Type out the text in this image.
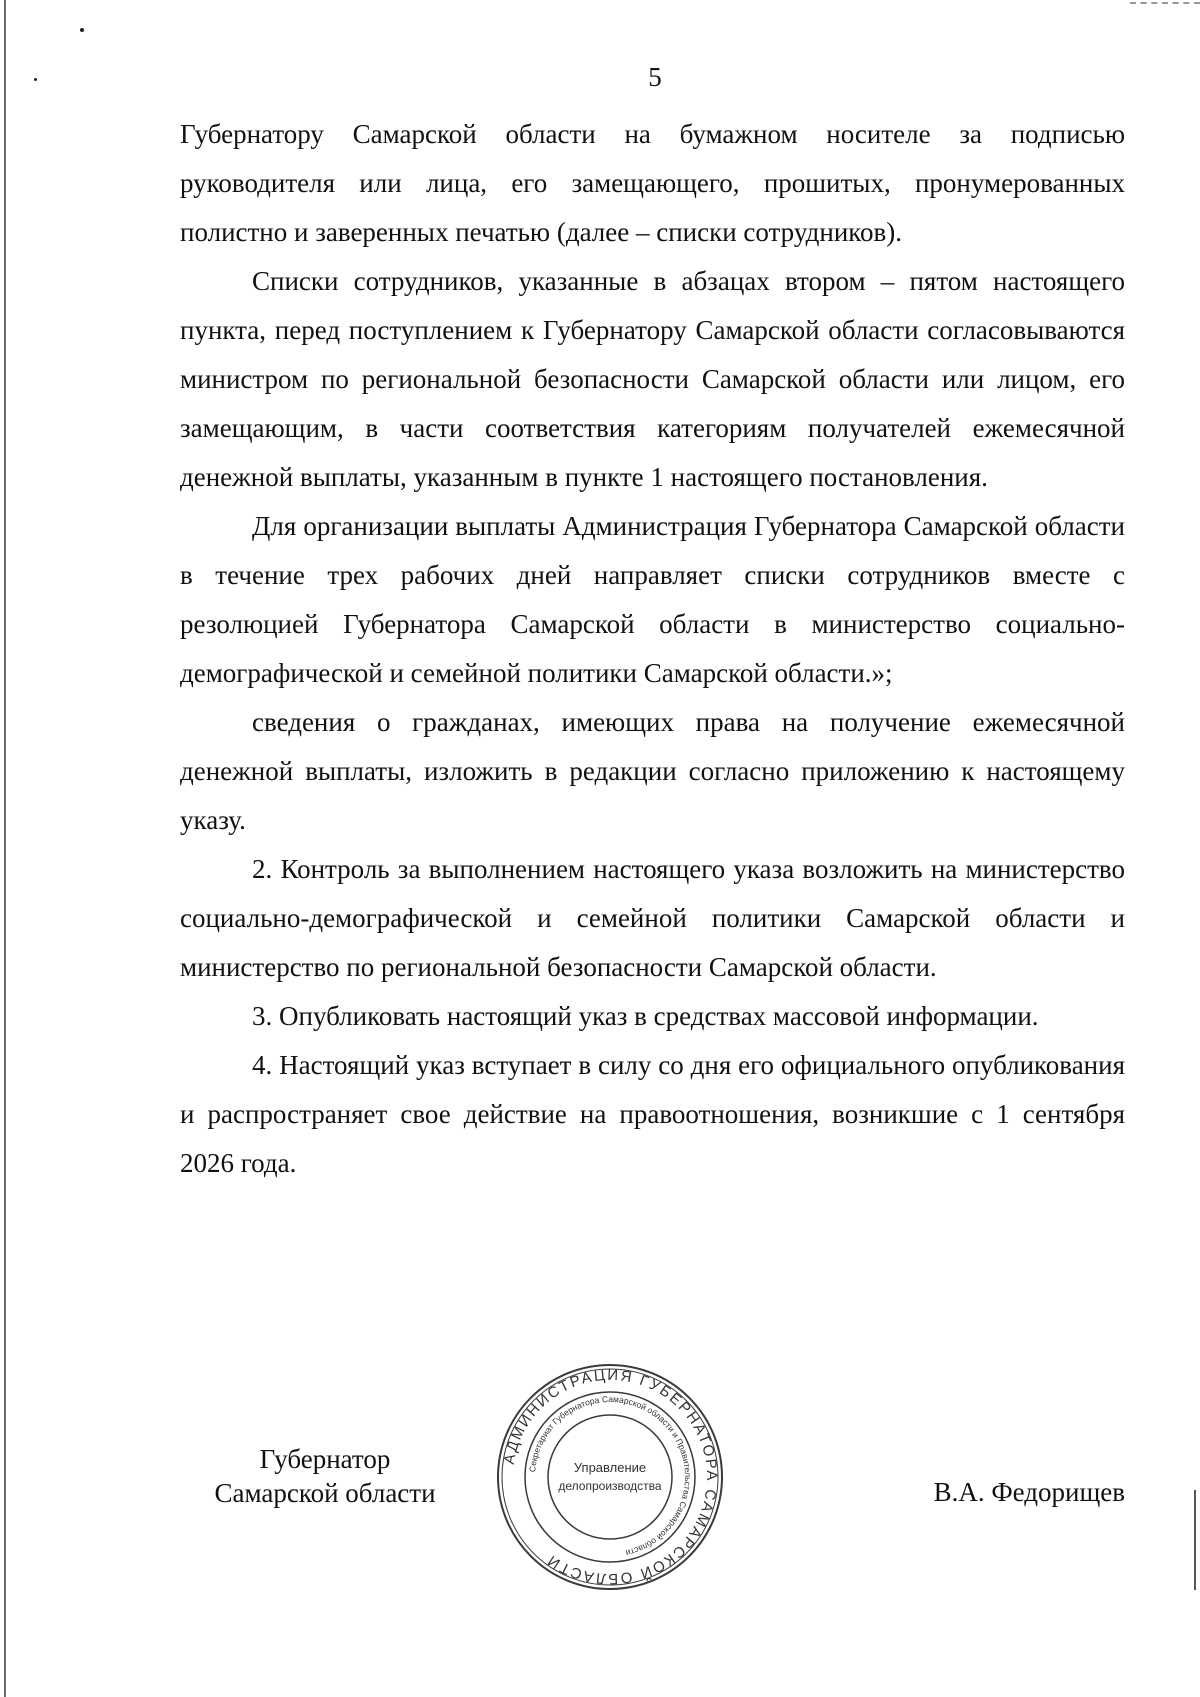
5

Губернатору Самарской области на бумажном носителе за подписью руководителя или лица, его замещающего, прошитых, пронумерованных полистно и заверенных печатью (далее – списки сотрудников).

Списки сотрудников, указанные в абзацах втором – пятом настоящего пункта, перед поступлением к Губернатору Самарской области согласовываются министром по региональной безопасности Самарской области или лицом, его замещающим, в части соответствия категориям получателей ежемесячной денежной выплаты, указанным в пункте 1 настоящего постановления.

Для организации выплаты Администрация Губернатора Самарской области в течение трех рабочих дней направляет списки сотрудников вместе с резолюцией Губернатора Самарской области в министерство социально-демографической и семейной политики Самарской области.»;

сведения о гражданах, имеющих права на получение ежемесячной денежной выплаты, изложить в редакции согласно приложению к настоящему указу.

2. Контроль за выполнением настоящего указа возложить на министерство социально-демографической и семейной политики Самарской области и министерство по региональной безопасности Самарской области.

3. Опубликовать настоящий указ в средствах массовой информации.

4. Настоящий указ вступает в силу со дня его официального опубликования и распространяет свое действие на правоотношения, возникшие с 1 сентября 2026 года.

Губернатор
Самарской области
АДМИНИСТРАЦИЯ ГУБЕРНАТОРА САМАРСКОЙ ОБЛАСТИ
Секретариат Губернатора Самарской области и Правительства Самарской области
Управление
делопроизводства	В.А. Федорищев
